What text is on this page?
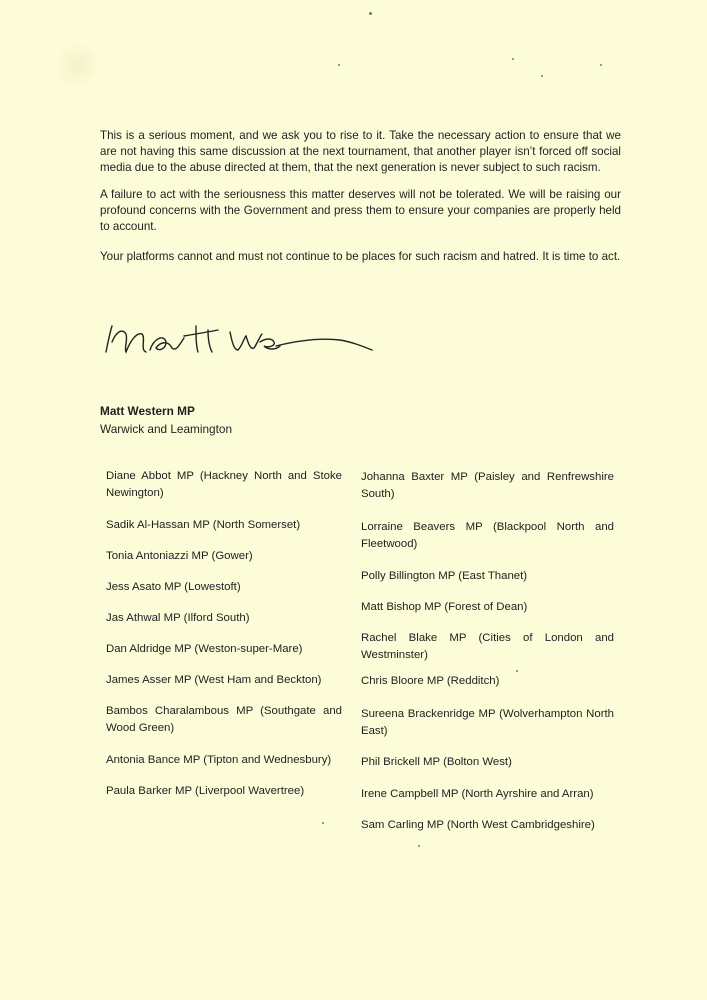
This is a serious moment, and we ask you to rise to it. Take the necessary action to ensure that we are not having this same discussion at the next tournament, that another player isn’t forced off social media due to the abuse directed at them, that the next generation is never subject to such racism.

A failure to act with the seriousness this matter deserves will not be tolerated. We will be raising our profound concerns with the Government and press them to ensure your companies are properly held to account.

Your platforms cannot and must not continue to be places for such racism and hatred. It is time to act.

Matt Western MP

Warwick and Leamington

Diane Abbot MP (Hackney North and Stoke Newington)

Sadik Al-Hassan MP (North Somerset)

Tonia Antoniazzi MP (Gower)

Jess Asato MP (Lowestoft)

Jas Athwal MP (Ilford South)

Dan Aldridge MP (Weston-super-Mare)

James Asser MP (West Ham and Beckton)

Bambos Charalambous MP (Southgate and Wood Green)

Antonia Bance MP (Tipton and Wednesbury)

Paula Barker MP (Liverpool Wavertree)

Johanna Baxter MP (Paisley and Renfrewshire South)

Lorraine Beavers MP (Blackpool North and Fleetwood)

Polly Billington MP (East Thanet)

Matt Bishop MP (Forest of Dean)

Rachel Blake MP (Cities of London and Westminster)

Chris Bloore MP (Redditch)

Sureena Brackenridge MP (Wolverhampton North East)

Phil Brickell MP (Bolton West)

Irene Campbell MP (North Ayrshire and Arran)

Sam Carling MP (North West Cambridgeshire)
